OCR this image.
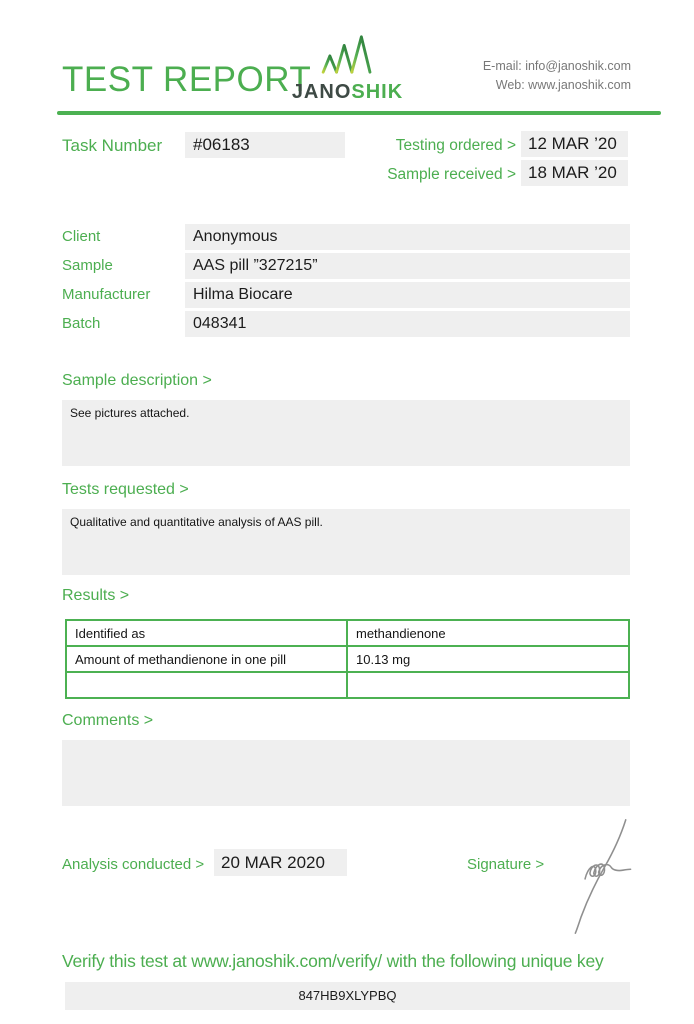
TEST REPORT
JANOSHIK
E-mail: info@janoshik.com
Web: www.janoshik.com
Task Number	#06183	Testing ordered > 12 MAR ’20
Sample received > 18 MAR ’20
Client	Anonymous
Sample	AAS pill ”327215”
Manufacturer	Hilma Biocare
Batch	048341
Sample description >
See pictures attached.
Tests requested >
Qualitative and quantitative analysis of AAS pill.
Results >
Identified as	methandienone
Amount of methandienone in one pill	10.13 mg

Comments >
Analysis conducted > 20 MAR 2020	Signature >
Verify this test at www.janoshik.com/verify/ with the following unique key
847HB9XLYPBQ
